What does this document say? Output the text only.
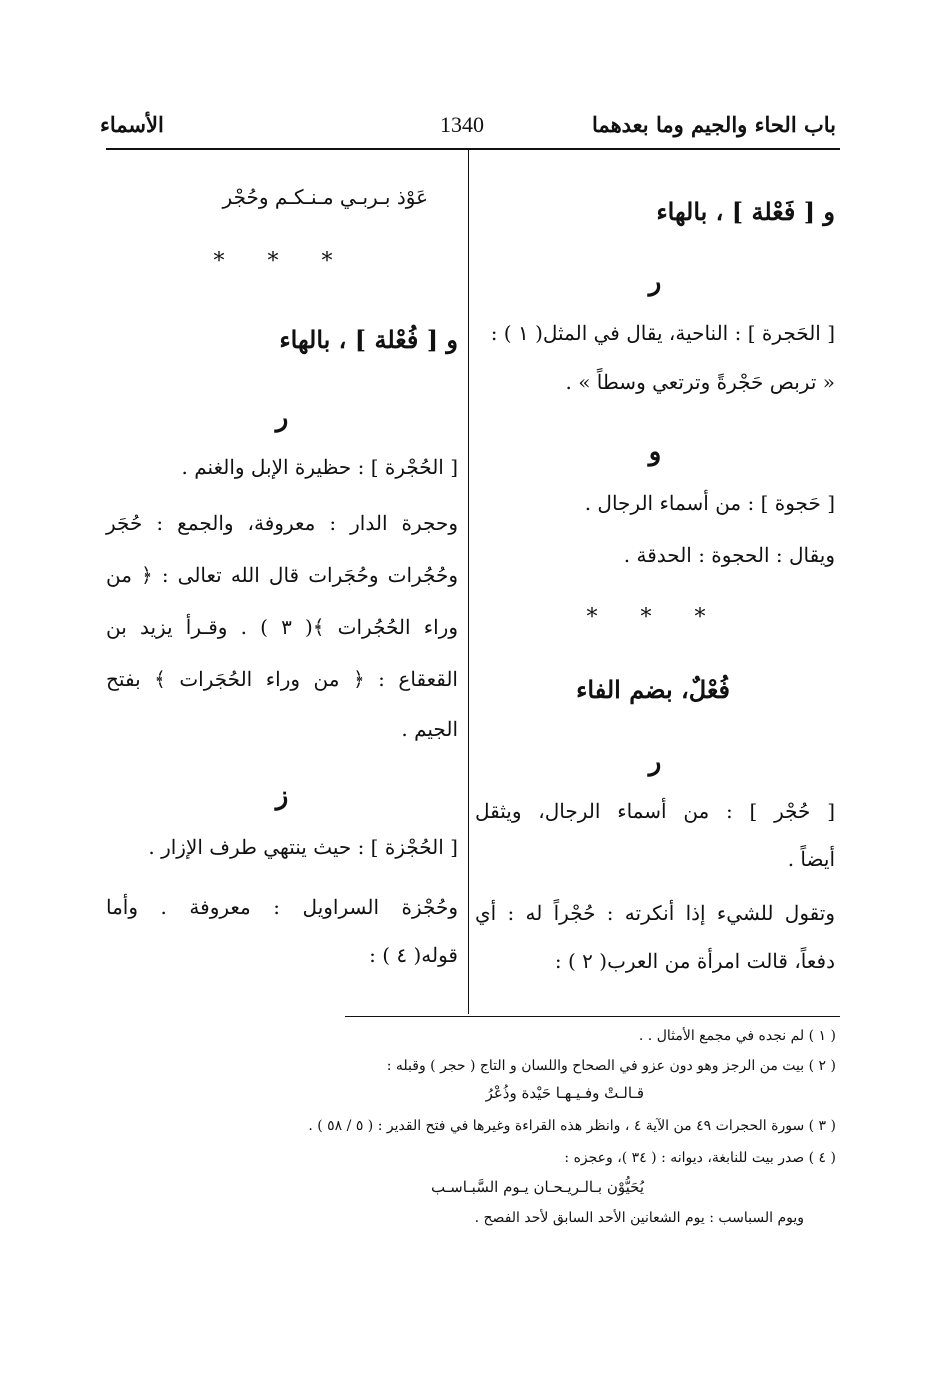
باب الحاء والجيم وما بعدهما
1340
الأسماء
و [ فَعْلة ] ، بالهاء
ر
[ الحَجرة ] : الناحية، يقال في المثل( ١ ) :
« تربص حَجْرةً وترتعي وسطاً » .
و
[ حَجوة ] : من أسماء الرجال .
ويقال : الحجوة : الحدقة .
* * *
فُعْلٌ، بضم الفاء
ر
[ حُجْر ] : من أسماء الرجال، ويثقل
أيضاً .
وتقول للشيء إذا أنكرته : حُجْراً له : أي
دفعاً، قالت امرأة من العرب( ٢ ) :
عَوْذ بـربـي مـنـكـم وحُجْر
* * *
و [ فُعْلة ] ، بالهاء
ر
[ الحُجْرة ] : حظيرة الإبل والغنم .
وحجرة الدار : معروفة، والجمع : حُجَر
وحُجُرات وحُجَرات قال الله تعالى : ﴿ من
وراء الحُجُرات ﴾( ٣ ) . وقـرأ يزيد بن
القعقاع : ﴿ من وراء الحُجَرات ﴾ بفتح
الجيم .
ز
[ الحُجْزة ] : حيث ينتهي طرف الإزار .
وحُجْزة السراويل : معروفة . وأما
قوله( ٤ ) :
( ١ ) لم نجده في مجمع الأمثال . .
( ٢ ) بيت من الرجز وهو دون عزو في الصحاح واللسان و التاج ( حجر ) وقبله :
قـالـتْ وفـيـهـا حَيْدة وذُعْرُ
( ٣ ) سورة الحجرات ٤٩ من الآية ٤ ، وانظر هذه القراءة وغيرها في فتح القدير : ( ٥ / ٥٨ ) .
( ٤ ) صدر بيت للنابغة، ديوانه : ( ٣٤ )، وعجزه :
يُحَيُّوْن بـالـريـحـان يـوم السَّبـاسـب
ويوم السباسب : يوم الشعانين الأحد السابق لأحد الفصح .
